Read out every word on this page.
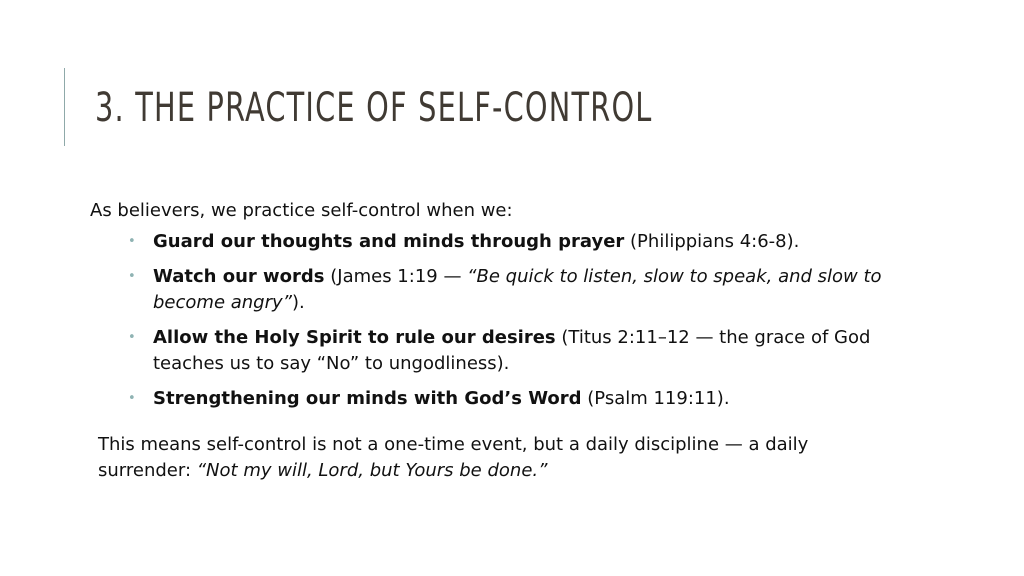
3. THE PRACTICE OF SELF-CONTROL
As believers, we practice self-control when we:
• Guard our thoughts and minds through prayer (Philippians 4:6-8).
• Watch our words (James 1:19 — “Be quick to listen, slow to speak, and slow to become angry”).
• Allow the Holy Spirit to rule our desires (Titus 2:11–12 — the grace of God teaches us to say “No” to ungodliness).
• Strengthening our minds with God’s Word (Psalm 119:11).
This means self-control is not a one-time event, but a daily discipline — a daily surrender: “Not my will, Lord, but Yours be done.”
